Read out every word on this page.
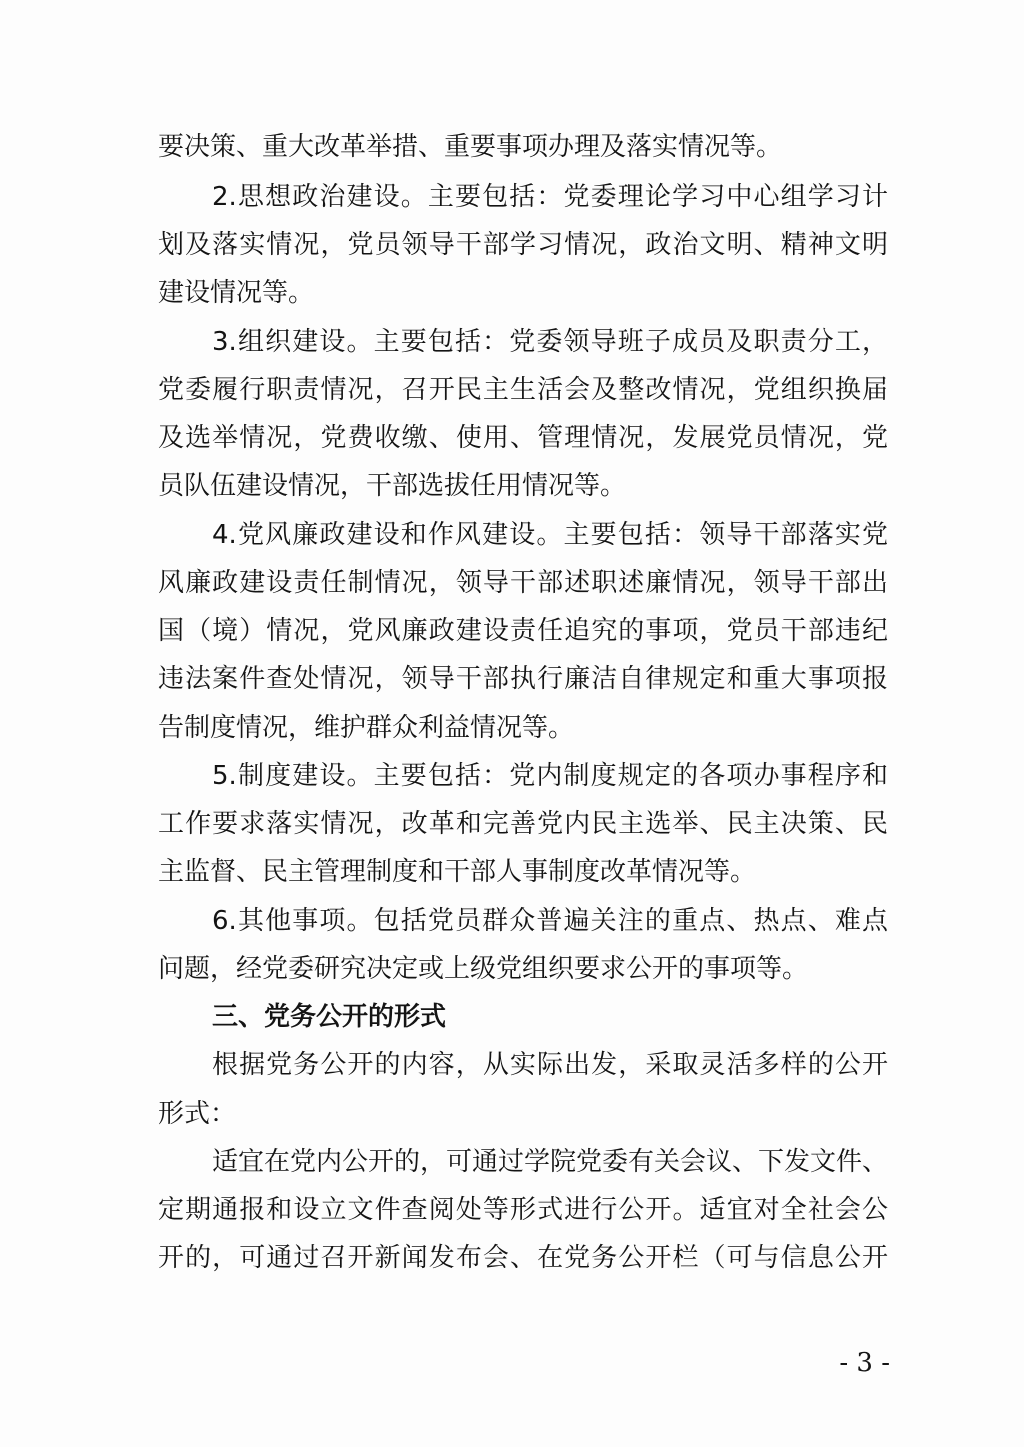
要决策、重大改革举措、重要事项办理及落实情况等。
2.思想政治建设。主要包括：党委理论学习中心组学习计
划及落实情况，党员领导干部学习情况，政治文明、精神文明
建设情况等。
3.组织建设。主要包括：党委领导班子成员及职责分工，
党委履行职责情况，召开民主生活会及整改情况，党组织换届
及选举情况，党费收缴、使用、管理情况，发展党员情况，党
员队伍建设情况，干部选拔任用情况等。
4.党风廉政建设和作风建设。主要包括：领导干部落实党
风廉政建设责任制情况，领导干部述职述廉情况，领导干部出
国（境）情况，党风廉政建设责任追究的事项，党员干部违纪
违法案件查处情况，领导干部执行廉洁自律规定和重大事项报
告制度情况，维护群众利益情况等。
5.制度建设。主要包括：党内制度规定的各项办事程序和
工作要求落实情况，改革和完善党内民主选举、民主决策、民
主监督、民主管理制度和干部人事制度改革情况等。
6.其他事项。包括党员群众普遍关注的重点、热点、难点
问题，经党委研究决定或上级党组织要求公开的事项等。
三、党务公开的形式
根据党务公开的内容，从实际出发，采取灵活多样的公开
形式：
适宜在党内公开的，可通过学院党委有关会议、下发文件、
定期通报和设立文件查阅处等形式进行公开。适宜对全社会公
开的，可通过召开新闻发布会、在党务公开栏（可与信息公开
- 3 -
